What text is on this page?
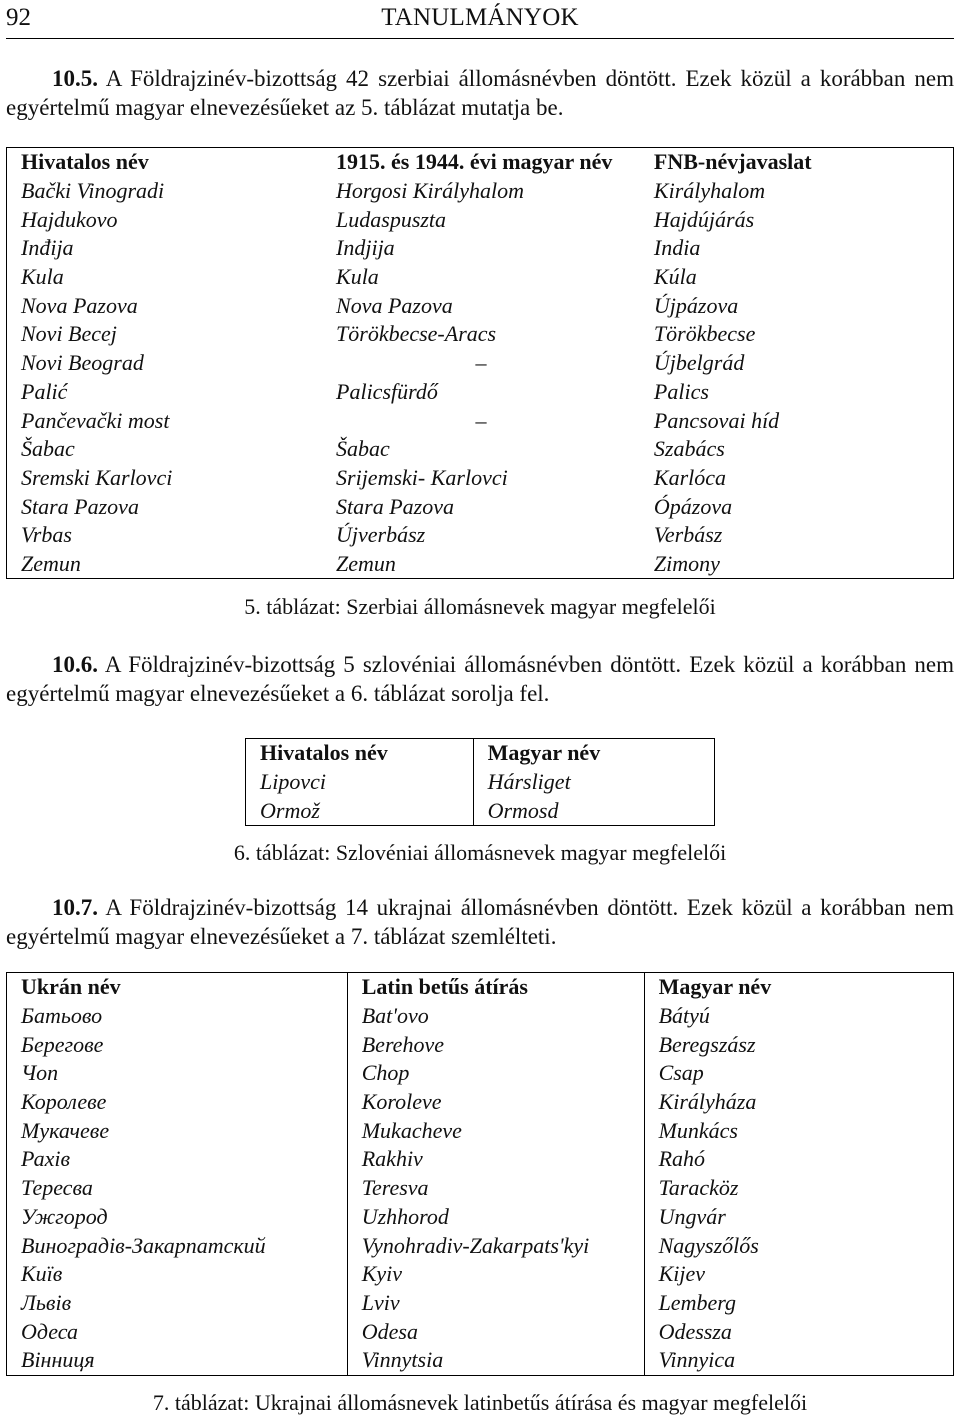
92	TANULMÁNYOK
10.5. A Földrajzinév-bizottság 42 szerbiai állomásnévben döntött. Ezek közül a korábban nem egyértelmű magyar elnevezésűeket az 5. táblázat mutatja be.
Hivatalos név	1915. és 1944. évi magyar név	FNB-névjavaslat
Bački Vinogradi	Horgosi Királyhalom	Királyhalom
Hajdukovo	Ludaspuszta	Hajdújárás
Inđija	Indjija	India
Kula	Kula	Kúla
Nova Pazova	Nova Pazova	Újpázova
Novi Becej	Törökbecse-Aracs	Törökbecse
Novi Beograd	–	Újbelgrád
Palić	Palicsfürdő	Palics
Pančevački most	–	Pancsovai híd
Šabac	Šabac	Szabács
Sremski Karlovci	Srijemski- Karlovci	Karlóca
Stara Pazova	Stara Pazova	Ópázova
Vrbas	Újverbász	Verbász
Zemun	Zemun	Zimony
5. táblázat: Szerbiai állomásnevek magyar megfelelői
10.6. A Földrajzinév-bizottság 5 szlovéniai állomásnévben döntött. Ezek közül a korábban nem egyértelmű magyar elnevezésűeket a 6. táblázat sorolja fel.
Hivatalos név	Magyar név
Lipovci	Hársliget
Ormož	Ormosd
6. táblázat: Szlovéniai állomásnevek magyar megfelelői
10.7. A Földrajzinév-bizottság 14 ukrajnai állomásnévben döntött. Ezek közül a korábban nem egyértelmű magyar elnevezésűeket a 7. táblázat szemlélteti.
Ukrán név	Latin betűs átírás	Magyar név
Батьово	Bat'ovo	Bátyú
Берегове	Berehove	Beregszász
Чоп	Chop	Csap
Королеве	Koroleve	Királyháza
Мукачеве	Mukacheve	Munkács
Рахів	Rakhiv	Rahó
Тересва	Teresva	Taracköz
Ужгород	Uzhhorod	Ungvár
Виноградів-Закарпатский	Vynohradiv-Zakarpats'kyi	Nagyszőlős
Киïв	Kyiv	Kijev
Львів	Lviv	Lemberg
Одеса	Odesa	Odessza
Вінниця	Vinnytsia	Vinnyica
7. táblázat: Ukrajnai állomásnevek latinbetűs átírása és magyar megfelelői
